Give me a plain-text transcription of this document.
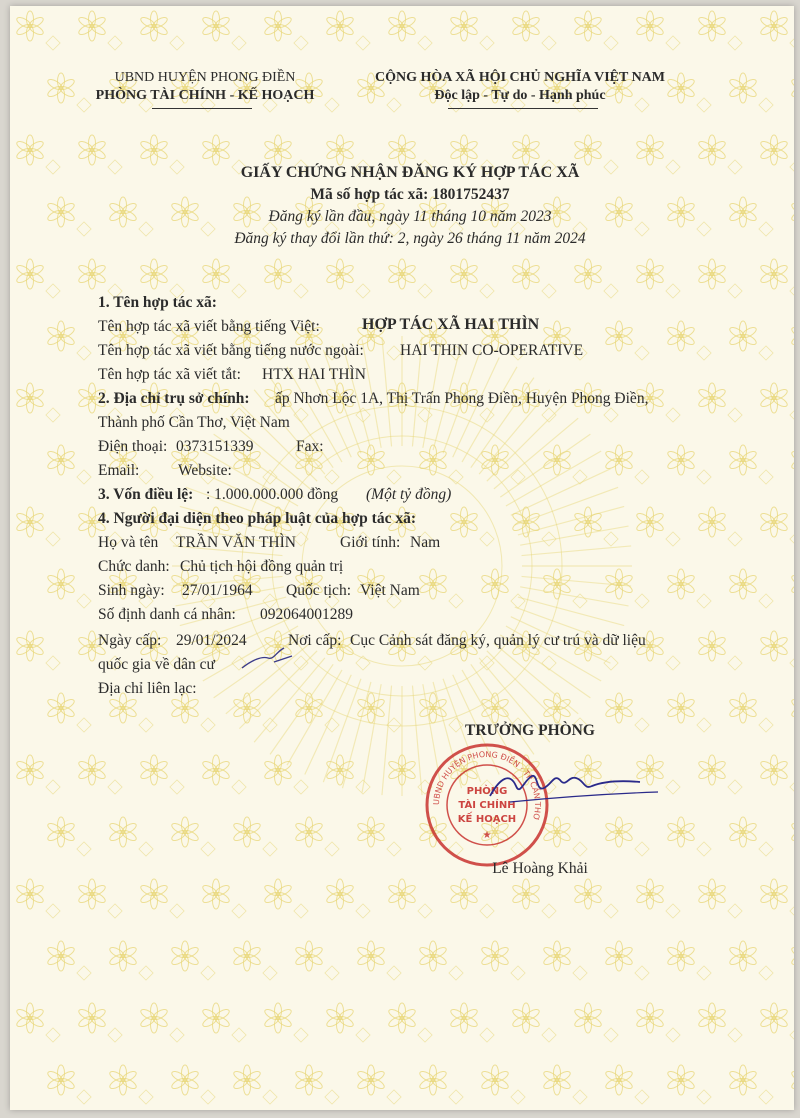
UBND HUYỆN PHONG ĐIỀN
PHÒNG TÀI CHÍNH - KẾ HOẠCH
CỘNG HÒA XÃ HỘI CHỦ NGHĨA VIỆT NAM
Độc lập - Tự do - Hạnh phúc
GIẤY CHỨNG NHẬN ĐĂNG KÝ HỢP TÁC XÃ
Mã số hợp tác xã: 1801752437
Đăng ký lần đầu, ngày 11 tháng 10 năm 2023
Đăng ký thay đổi lần thứ: 2, ngày 26 tháng 11 năm 2024
1. Tên hợp tác xã:
Tên hợp tác xã viết bằng tiếng Việt:	HỢP TÁC XÃ HAI THÌN
Tên hợp tác xã viết bằng tiếng nước ngoài: HAI THIN CO-OPERATIVE
Tên hợp tác xã viết tắt: HTX HAI THÌN
2. Địa chỉ trụ sở chính: ấp Nhơn Lộc 1A, Thị Trấn Phong Điền, Huyện Phong Điền,
Thành phố Cần Thơ, Việt Nam
Điện thoại: 0373151339	Fax:
Email: Website:
3. Vốn điều lệ: : 1.000.000.000 đồng (Một tỷ đồng)
4. Người đại diện theo pháp luật của hợp tác xã:
Họ và tên TRẦN VĂN THÌN	Giới tính: Nam
Chức danh: Chủ tịch hội đồng quản trị
Sinh ngày: 27/01/1964 Quốc tịch: Việt Nam
Số định danh cá nhân: 092064001289
Ngày cấp: 29/01/2024	Nơi cấp: Cục Cảnh sát đăng ký, quản lý cư trú và dữ liệu
quốc gia về dân cư
Địa chỉ liên lạc:
TRƯỞNG PHÒNG
UBND HUYỆN PHONG ĐIỀN · TP CẦN THƠ
PHÒNG
TÀI CHÍNH
KẾ HOẠCH
★
Lê Hoàng Khải
